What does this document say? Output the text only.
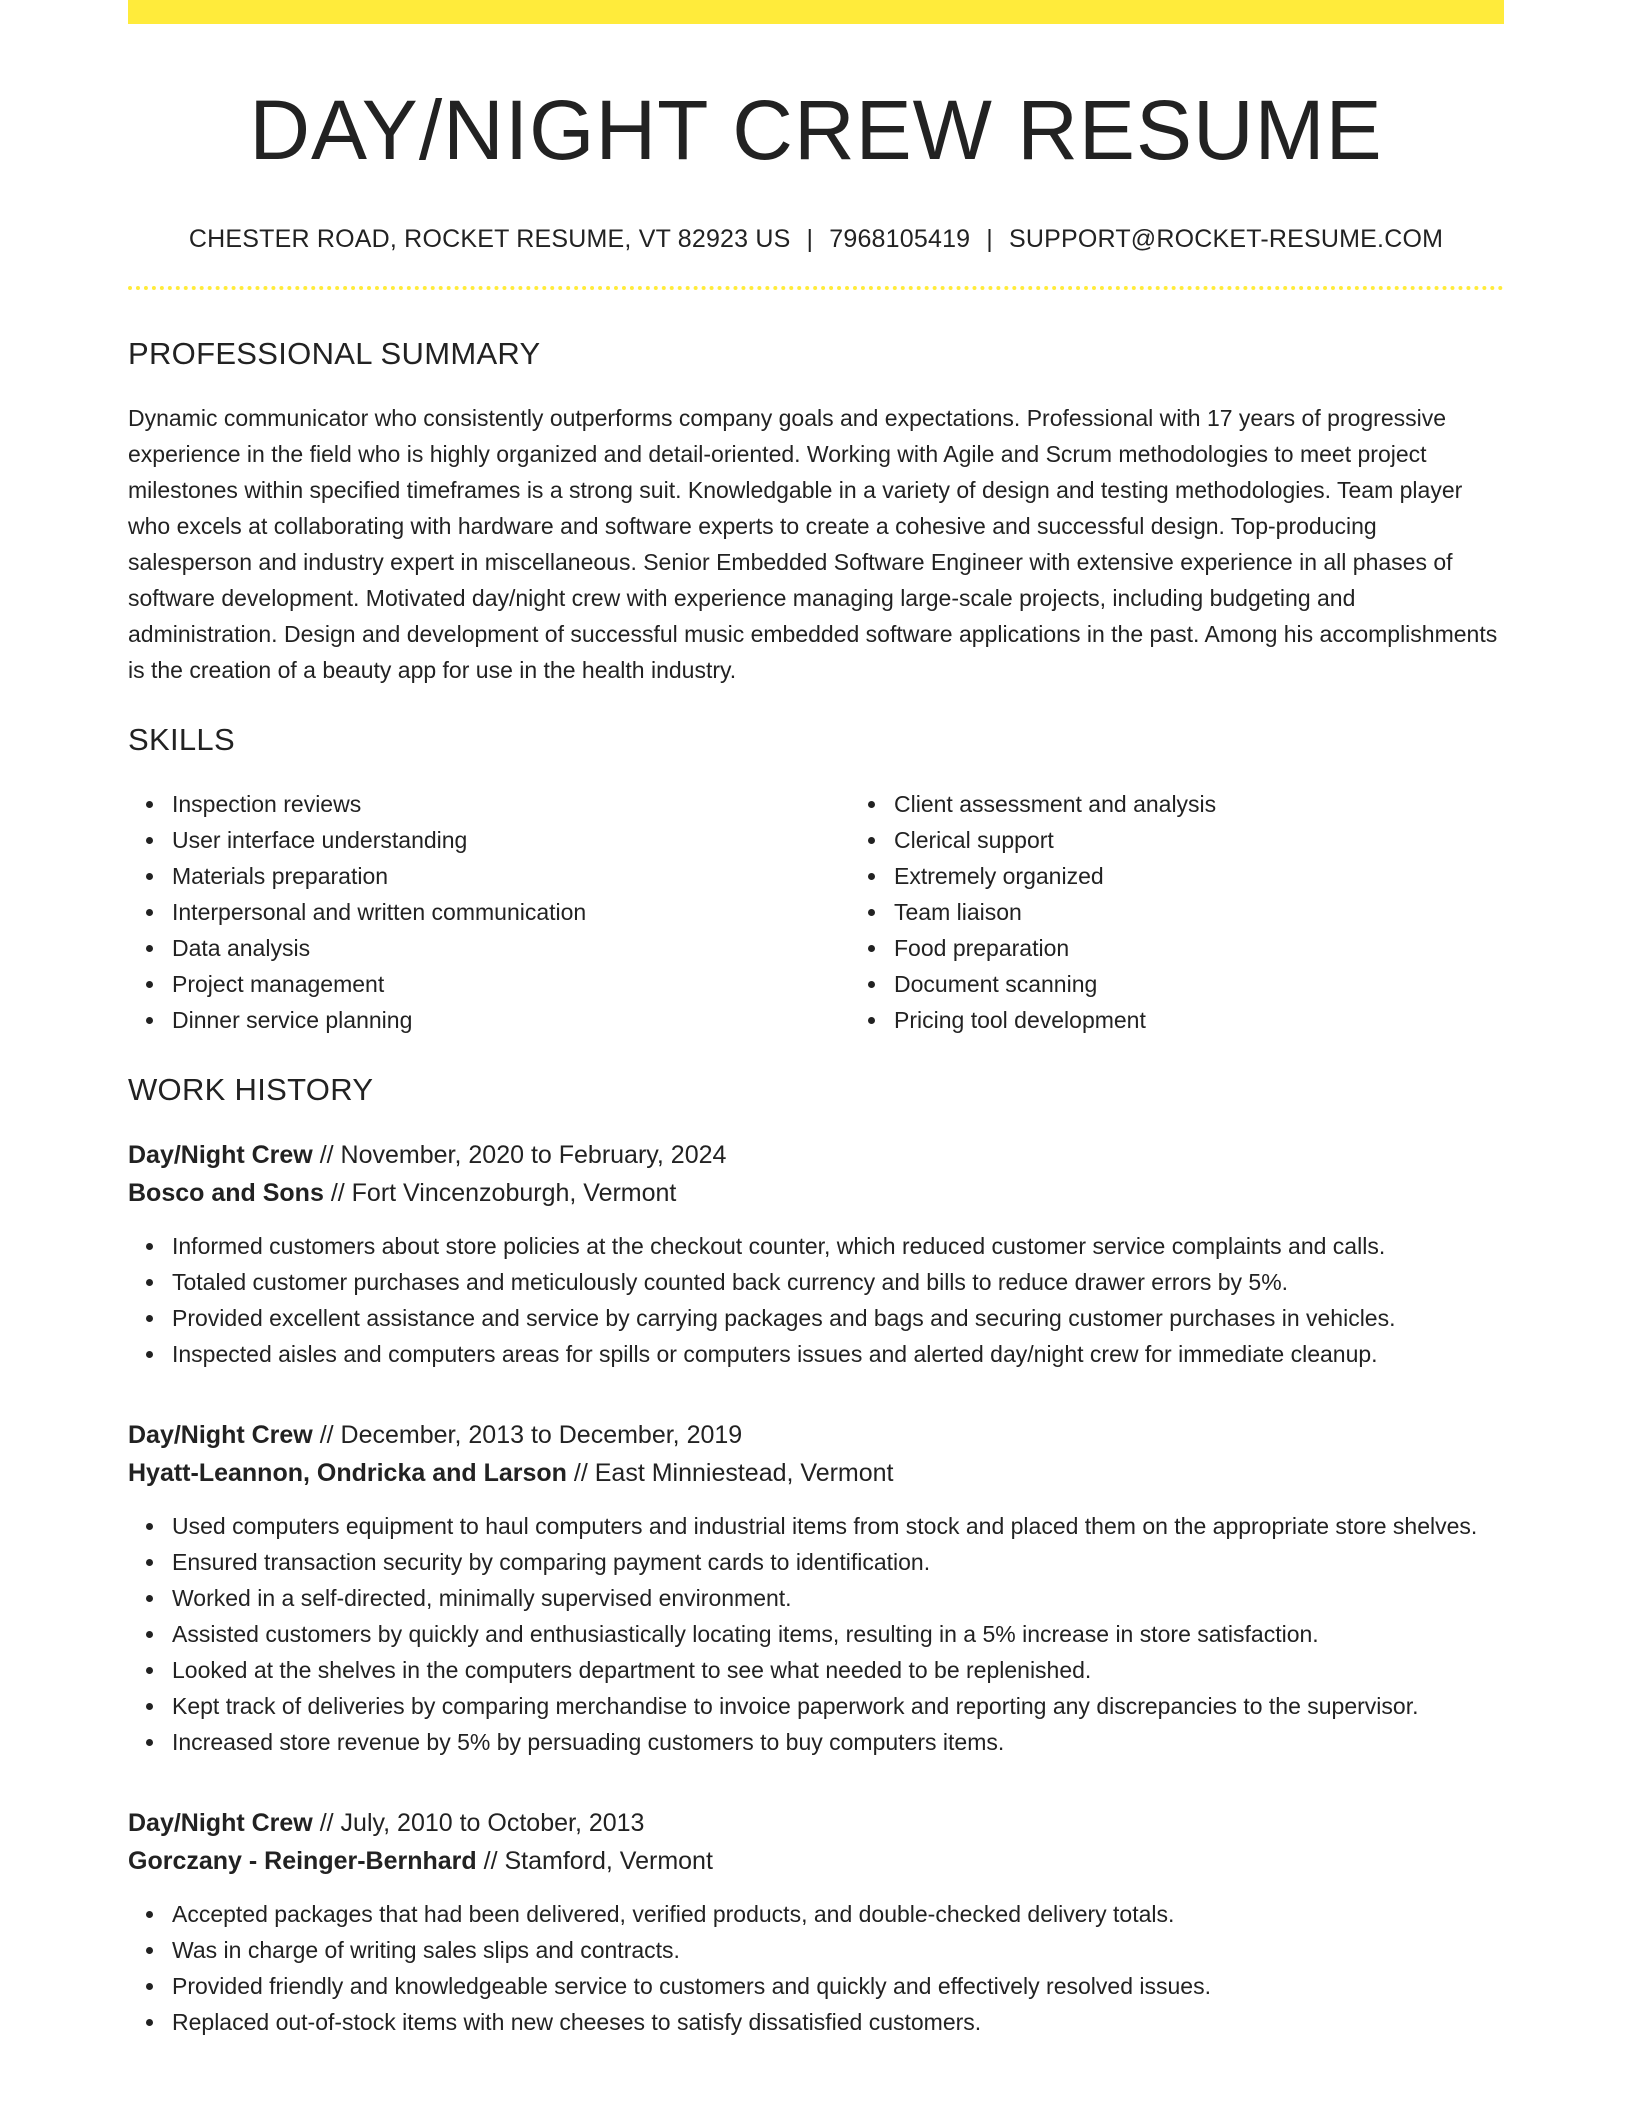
DAY/NIGHT CREW RESUME
CHESTER ROAD, ROCKET RESUME, VT 82923 US | 7968105419 | SUPPORT@ROCKET-RESUME.COM
PROFESSIONAL SUMMARY
Dynamic communicator who consistently outperforms company goals and expectations. Professional with 17 years of progressive experience in the field who is highly organized and detail-oriented. Working with Agile and Scrum methodologies to meet project milestones within specified timeframes is a strong suit. Knowledgable in a variety of design and testing methodologies. Team player who excels at collaborating with hardware and software experts to create a cohesive and successful design. Top-producing salesperson and industry expert in miscellaneous. Senior Embedded Software Engineer with extensive experience in all phases of software development. Motivated day/night crew with experience managing large-scale projects, including budgeting and administration. Design and development of successful music embedded software applications in the past. Among his accomplishments is the creation of a beauty app for use in the health industry.
SKILLS
Inspection reviews
User interface understanding
Materials preparation
Interpersonal and written communication
Data analysis
Project management
Dinner service planning
Client assessment and analysis
Clerical support
Extremely organized
Team liaison
Food preparation
Document scanning
Pricing tool development
WORK HISTORY
Day/Night Crew // November, 2020 to February, 2024
Bosco and Sons // Fort Vincenzoburgh, Vermont
Informed customers about store policies at the checkout counter, which reduced customer service complaints and calls.
Totaled customer purchases and meticulously counted back currency and bills to reduce drawer errors by 5%.
Provided excellent assistance and service by carrying packages and bags and securing customer purchases in vehicles.
Inspected aisles and computers areas for spills or computers issues and alerted day/night crew for immediate cleanup.
Day/Night Crew // December, 2013 to December, 2019
Hyatt-Leannon, Ondricka and Larson // East Minniestead, Vermont
Used computers equipment to haul computers and industrial items from stock and placed them on the appropriate store shelves.
Ensured transaction security by comparing payment cards to identification.
Worked in a self-directed, minimally supervised environment.
Assisted customers by quickly and enthusiastically locating items, resulting in a 5% increase in store satisfaction.
Looked at the shelves in the computers department to see what needed to be replenished.
Kept track of deliveries by comparing merchandise to invoice paperwork and reporting any discrepancies to the supervisor.
Increased store revenue by 5% by persuading customers to buy computers items.
Day/Night Crew // July, 2010 to October, 2013
Gorczany - Reinger-Bernhard // Stamford, Vermont
Accepted packages that had been delivered, verified products, and double-checked delivery totals.
Was in charge of writing sales slips and contracts.
Provided friendly and knowledgeable service to customers and quickly and effectively resolved issues.
Replaced out-of-stock items with new cheeses to satisfy dissatisfied customers.
